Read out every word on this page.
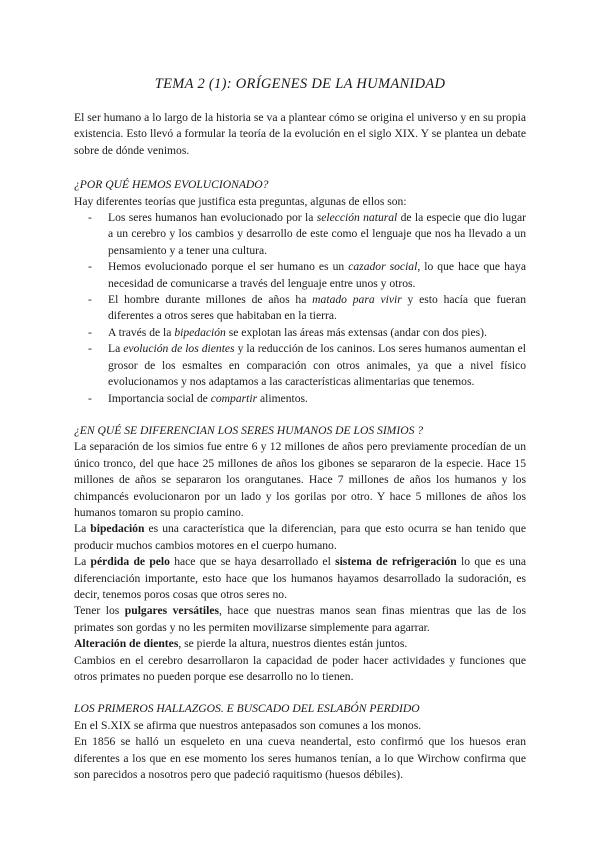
TEMA 2 (1): ORÍGENES DE LA HUMANIDAD

El ser humano a lo largo de la historia se va a plantear cómo se origina el universo y en su propia existencia. Esto llevó a formular la teoría de la evolución en el siglo XIX. Y se plantea un debate sobre de dónde venimos.

¿POR QUÉ HEMOS EVOLUCIONADO?

Hay diferentes teorías que justifica esta preguntas, algunas de ellos son:

- Los seres humanos han evolucionado por la selección natural de la especie que dio lugar a un cerebro y los cambios y desarrollo de este como el lenguaje que nos ha llevado a un pensamiento y a tener una cultura.
- Hemos evolucionado porque el ser humano es un cazador social, lo que hace que haya necesidad de comunicarse a través del lenguaje entre unos y otros.
- El hombre durante millones de años ha matado para vivir y esto hacía que fueran diferentes a otros seres que habitaban en la tierra.
- A través de la bipedación se explotan las áreas más extensas (andar con dos pies).
- La evolución de los dientes y la reducción de los caninos. Los seres humanos aumentan el grosor de los esmaltes en comparación con otros animales, ya que a nivel físico evolucionamos y nos adaptamos a las características alimentarias que tenemos.
- Importancia social de compartir alimentos.

¿EN QUÉ SE DIFERENCIAN LOS SERES HUMANOS DE LOS SIMIOS ?

La separación de los simios fue entre 6 y 12 millones de años pero previamente procedían de un único tronco, del que hace 25 millones de años los gibones se separaron de la especie. Hace 15 millones de años se separaron los orangutanes. Hace 7 millones de años los humanos y los chimpancés evolucionaron por un lado y los gorilas por otro. Y hace 5 millones de años los humanos tomaron su propio camino.

La bipedación es una característica que la diferencian, para que esto ocurra se han tenido que producir muchos cambios motores en el cuerpo humano.

La pérdida de pelo hace que se haya desarrollado el sistema de refrigeración lo que es una diferenciación importante, esto hace que los humanos hayamos desarrollado la sudoración, es decir, tenemos poros cosas que otros seres no.

Tener los pulgares versátiles, hace que nuestras manos sean finas mientras que las de los primates son gordas y no les permiten movilizarse simplemente para agarrar.

Alteración de dientes, se pierde la altura, nuestros dientes están juntos.

Cambios en el cerebro desarrollaron la capacidad de poder hacer actividades y funciones que otros primates no pueden porque ese desarrollo no lo tienen.

LOS PRIMEROS HALLAZGOS. E BUSCADO DEL ESLABÓN PERDIDO

En el S.XIX se afirma que nuestros antepasados son comunes a los monos.

En 1856 se halló un esqueleto en una cueva neandertal, esto confirmó que los huesos eran diferentes a los que en ese momento los seres humanos tenían, a lo que Wirchow confirma que son parecidos a nosotros pero que padeció raquitismo (huesos débiles).
